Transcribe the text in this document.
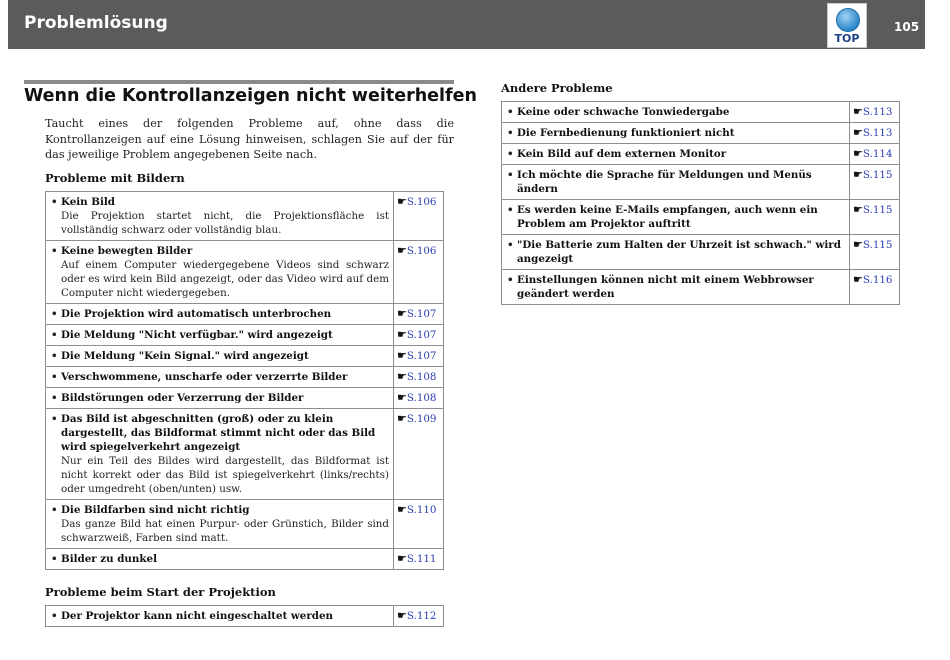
Problemlösung
TOP
105
Wenn die Kontrollanzeigen nicht weiterhelfen
Taucht eines der folgenden Probleme auf, ohne dass die Kontrollanzeigen auf eine Lösung hinweisen, schlagen Sie auf der für das jeweilige Problem angegebenen Seite nach.
Probleme mit Bildern
• Kein Bild
Die Projektion startet nicht, die Projektionsfläche ist vollständig schwarz oder vollständig blau.	☛S.106

• Keine bewegten Bilder
Auf einem Computer wiedergegebene Videos sind schwarz oder es wird kein Bild angezeigt, oder das Video wird auf dem Computer nicht wiedergegeben.	☛S.106

• Die Projektion wird automatisch unterbrochen	☛S.107

• Die Meldung "Nicht verfügbar." wird angezeigt	☛S.107

• Die Meldung "Kein Signal." wird angezeigt	☛S.107

• Verschwommene, unscharfe oder verzerrte Bilder	☛S.108

• Bildstörungen oder Verzerrung der Bilder	☛S.108

• Das Bild ist abgeschnitten (groß) oder zu klein dargestellt, das Bildformat stimmt nicht oder das Bild wird spiegelverkehrt angezeigt
Nur ein Teil des Bildes wird dargestellt, das Bildformat ist nicht korrekt oder das Bild ist spiegelverkehrt (links/rechts) oder umgedreht (oben/unten) usw.	☛S.109

• Die Bildfarben sind nicht richtig
Das ganze Bild hat einen Purpur- oder Grünstich, Bilder sind schwarzweiß, Farben sind matt.	☛S.110

• Bilder zu dunkel	☛S.111
Probleme beim Start der Projektion
• Der Projektor kann nicht eingeschaltet werden	☛S.112
Andere Probleme
• Keine oder schwache Tonwiedergabe	☛S.113

• Die Fernbedienung funktioniert nicht	☛S.113

• Kein Bild auf dem externen Monitor	☛S.114

• Ich möchte die Sprache für Meldungen und Menüs ändern	☛S.115

• Es werden keine E-Mails empfangen, auch wenn ein Problem am Projektor auftritt	☛S.115

• "Die Batterie zum Halten der Uhrzeit ist schwach." wird angezeigt	☛S.115

• Einstellungen können nicht mit einem Webbrowser geändert werden	☛S.116
